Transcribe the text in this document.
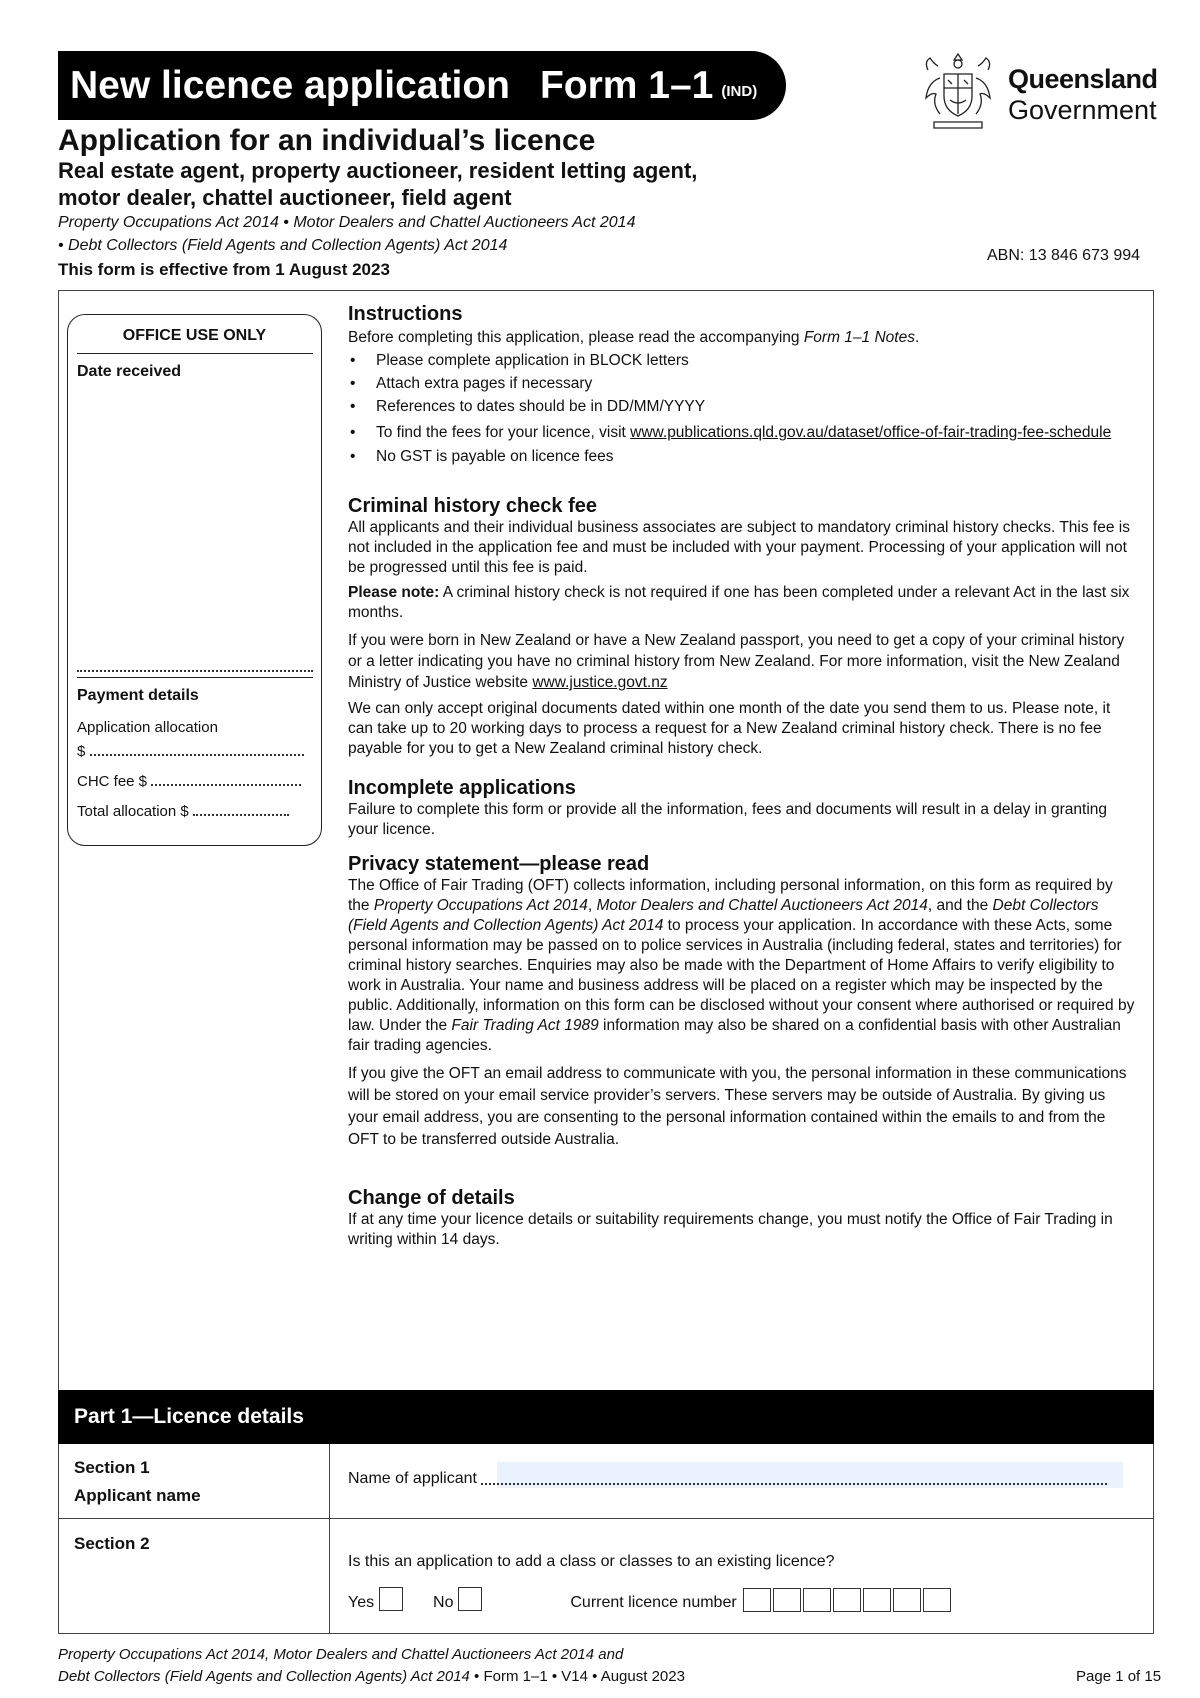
New licence application Form 1–1 (IND)	Queensland
Government
Application for an individual’s licence
Real estate agent, property auctioneer, resident letting agent,
motor dealer, chattel auctioneer, field agent
Property Occupations Act 2014 • Motor Dealers and Chattel Auctioneers Act 2014
• Debt Collectors (Field Agents and Collection Agents) Act 2014
This form is effective from 1 August 2023
ABN: 13 846 673 994
OFFICE USE ONLY
Date received
Payment details
Application allocation
$
CHC fee $
Total allocation $
Instructions

Before completing this application, please read the accompanying Form 1–1 Notes.

• Please complete application in BLOCK letters
• Attach extra pages if necessary
• References to dates should be in DD/MM/YYYY
• To find the fees for your licence, visit www.publications.qld.gov.au/dataset/office-of-fair-trading-fee-schedule
• No GST is payable on licence fees
Criminal history check fee

All applicants and their individual business associates are subject to mandatory criminal history checks. This fee is not included in the application fee and must be included with your payment. Processing of your application will not be progressed until this fee is paid.

Please note: A criminal history check is not required if one has been completed under a relevant Act in the last six months.

If you were born in New Zealand or have a New Zealand passport, you need to get a copy of your criminal history or a letter indicating you have no criminal history from New Zealand. For more information, visit the New Zealand Ministry of Justice website www.justice.govt.nz

We can only accept original documents dated within one month of the date you send them to us. Please note, it can take up to 20 working days to process a request for a New Zealand criminal history check. There is no fee payable for you to get a New Zealand criminal history check.

Incomplete applications

Failure to complete this form or provide all the information, fees and documents will result in a delay in granting your licence.

Privacy statement—please read

The Office of Fair Trading (OFT) collects information, including personal information, on this form as required by the Property Occupations Act 2014, Motor Dealers and Chattel Auctioneers Act 2014, and the Debt Collectors (Field Agents and Collection Agents) Act 2014 to process your application. In accordance with these Acts, some personal information may be passed on to police services in Australia (including federal, states and territories) for criminal history searches. Enquiries may also be made with the Department of Home Affairs to verify eligibility to work in Australia. Your name and business address will be placed on a register which may be inspected by the public. Additionally, information on this form can be disclosed without your consent where authorised or required by law. Under the Fair Trading Act 1989 information may also be shared on a confidential basis with other Australian fair trading agencies.

If you give the OFT an email address to communicate with you, the personal information in these communications will be stored on your email service provider’s servers. These servers may be outside of Australia. By giving us your email address, you are consenting to the personal information contained within the emails to and from the OFT to be transferred outside Australia.

Change of details

If at any time your licence details or suitability requirements change, you must notify the Office of Fair Trading in writing within 14 days.

Part 1—Licence details
Section 1
Applicant name
Name of applicant
Section 2
Is this an application to add a class or classes to an existing licence?
Yes	No	Current licence number
Property Occupations Act 2014, Motor Dealers and Chattel Auctioneers Act 2014 and
Debt Collectors (Field Agents and Collection Agents) Act 2014 • Form 1–1 • V14 • August 2023	Page 1 of 15
